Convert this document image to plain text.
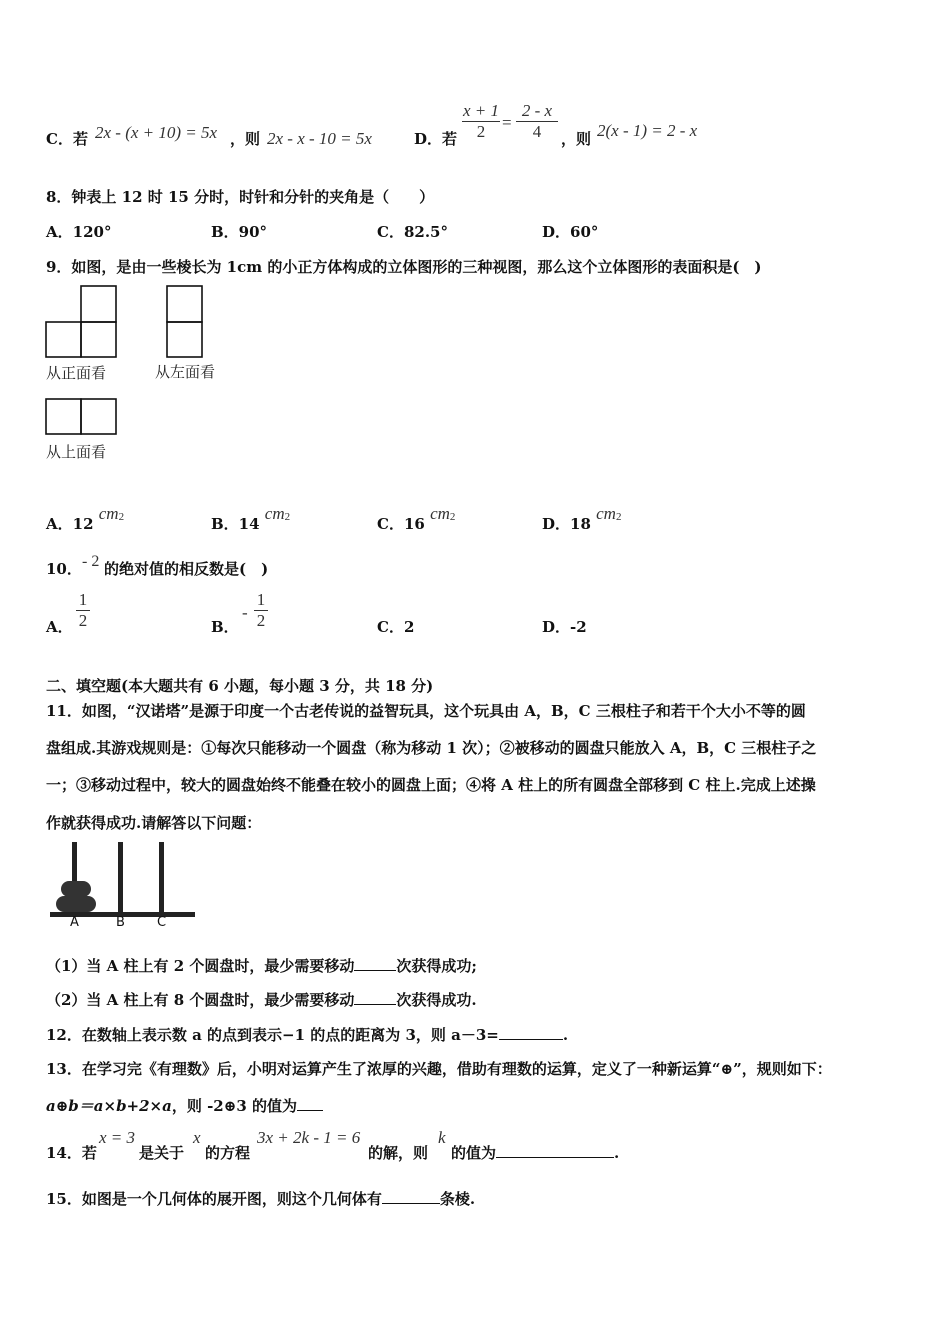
C．若 2x - (x + 10) = 5x ，则 2x - x - 10 = 5x	D．若
x + 1
2 =
2 - x
4	，则 2(x - 1) = 2 - x
8．钟表上 12 时 15 分时，时针和分针的夹角是（　　）
A．120°	B．90°	C．82.5°	D．60°
9．如图，是由一些棱长为 1cm 的小正方体构成的立体图形的三种视图，那么这个立体图形的表面积是(　)
从正面看	从左面看
从上面看
A．12 $cm^2$	B．14 $cm^2$	C．16 $cm^2$	D．18 $cm^2$
10． - 2 的绝对值的相反数是(　)
A．
1
2	B．
-
1
2	C．2	D．-2
二、填空题(本大题共有 6 小题，每小题 3 分，共 18 分)
11．如图，“汉诺塔”是源于印度一个古老传说的益智玩具，这个玩具由 A，B，C 三根柱子和若干个大小不等的圆
盘组成.其游戏规则是：①每次只能移动一个圆盘（称为移动 1 次）；②被移动的圆盘只能放入 A，B，C 三根柱子之
一；③移动过程中，较大的圆盘始终不能叠在较小的圆盘上面；④将 A 柱上的所有圆盘全部移到 C 柱上.完成上述操
作就获得成功.请解答以下问题：
A	B C
（1）当 A 柱上有 2 个圆盘时，最少需要移动	次获得成功;
（2）当 A 柱上有 8 个圆盘时，最少需要移动	次获得成功.
12．在数轴上表示数 a 的点到表示−1 的点的距离为 3，则 a－3=	.
13．在学习完《有理数》后，小明对运算产生了浓厚的兴趣，借助有理数的运算，定义了一种新运算“⊕”，规则如下：
a⊕b＝a×b+2×a，则 -2⊕3 的值为
14．若
x = 3
是关于
x
的方程
3x + 2k - 1 = 6
的解，则
k
的值为	.
15．如图是一个几何体的展开图，则这个几何体有	条棱.
